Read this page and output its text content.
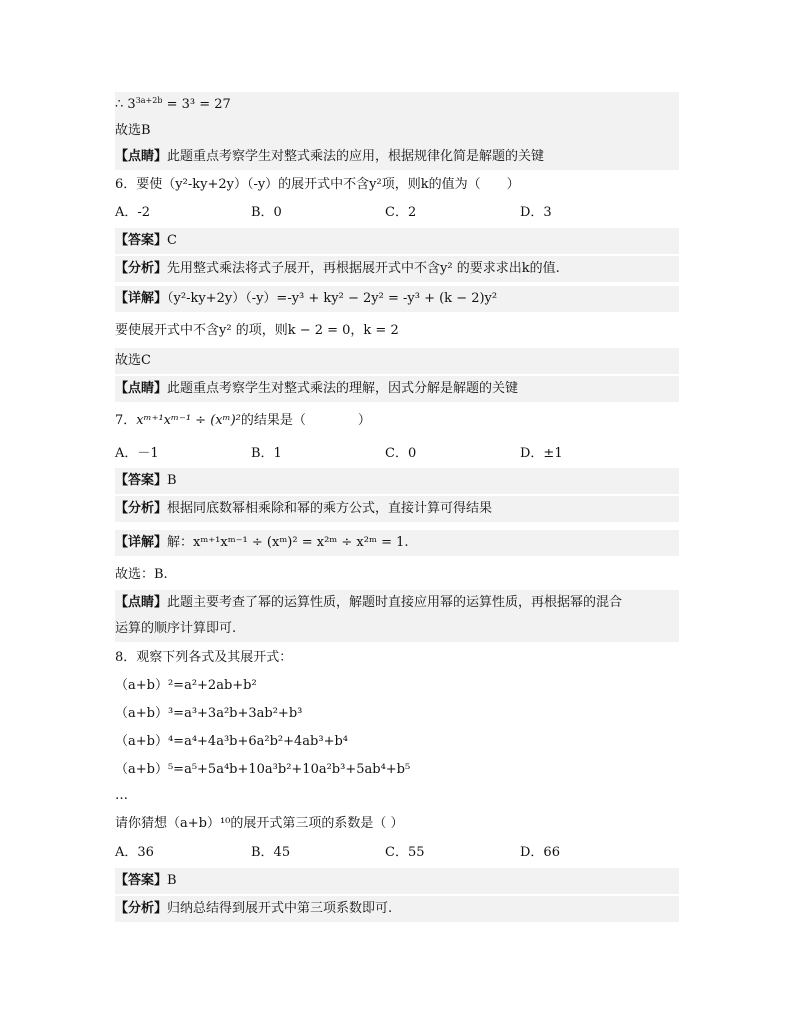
∴ $3^{3a+2b} = 3^3 = 27$
故选B
【点睛】此题重点考察学生对整式乘法的应用，根据规律化简是解题的关键
6．要使（y²-ky+2y）（-y）的展开式中不含y²项，则k的值为（　　）
A．-2	B．0	C．2	D．3
【答案】C
【分析】先用整式乘法将式子展开，再根据展开式中不含y² 的要求求出k的值.
【详解】（y²-ky+2y）（-y）=-y³ + ky² − 2y² = -y³ + (k − 2)y²
要使展开式中不含y² 的项，则k − 2 = 0，k = 2
故选C
【点睛】此题重点考察学生对整式乘法的理解，因式分解是解题的关键
7．xᵐ⁺¹xᵐ⁻¹ ÷ (xᵐ)²的结果是（　　　　）
A．－1	B．1	C．0	D．±1
【答案】B
【分析】根据同底数幂相乘除和幂的乘方公式，直接计算可得结果
【详解】解：xᵐ⁺¹xᵐ⁻¹ ÷ (xᵐ)² = x²ᵐ ÷ x²ᵐ = 1.
故选：B.
【点睛】此题主要考查了幂的运算性质，解题时直接应用幂的运算性质，再根据幂的混合
运算的顺序计算即可.
8．观察下列各式及其展开式：
（a+b）²=a²+2ab+b²
（a+b）³=a³+3a²b+3ab²+b³
（a+b）⁴=a⁴+4a³b+6a²b²+4ab³+b⁴
（a+b）⁵=a⁵+5a⁴b+10a³b²+10a²b³+5ab⁴+b⁵
…
请你猜想（a+b）¹⁰的展开式第三项的系数是（ ）
A．36	B．45	C．55	D．66
【答案】B
【分析】归纳总结得到展开式中第三项系数即可.
